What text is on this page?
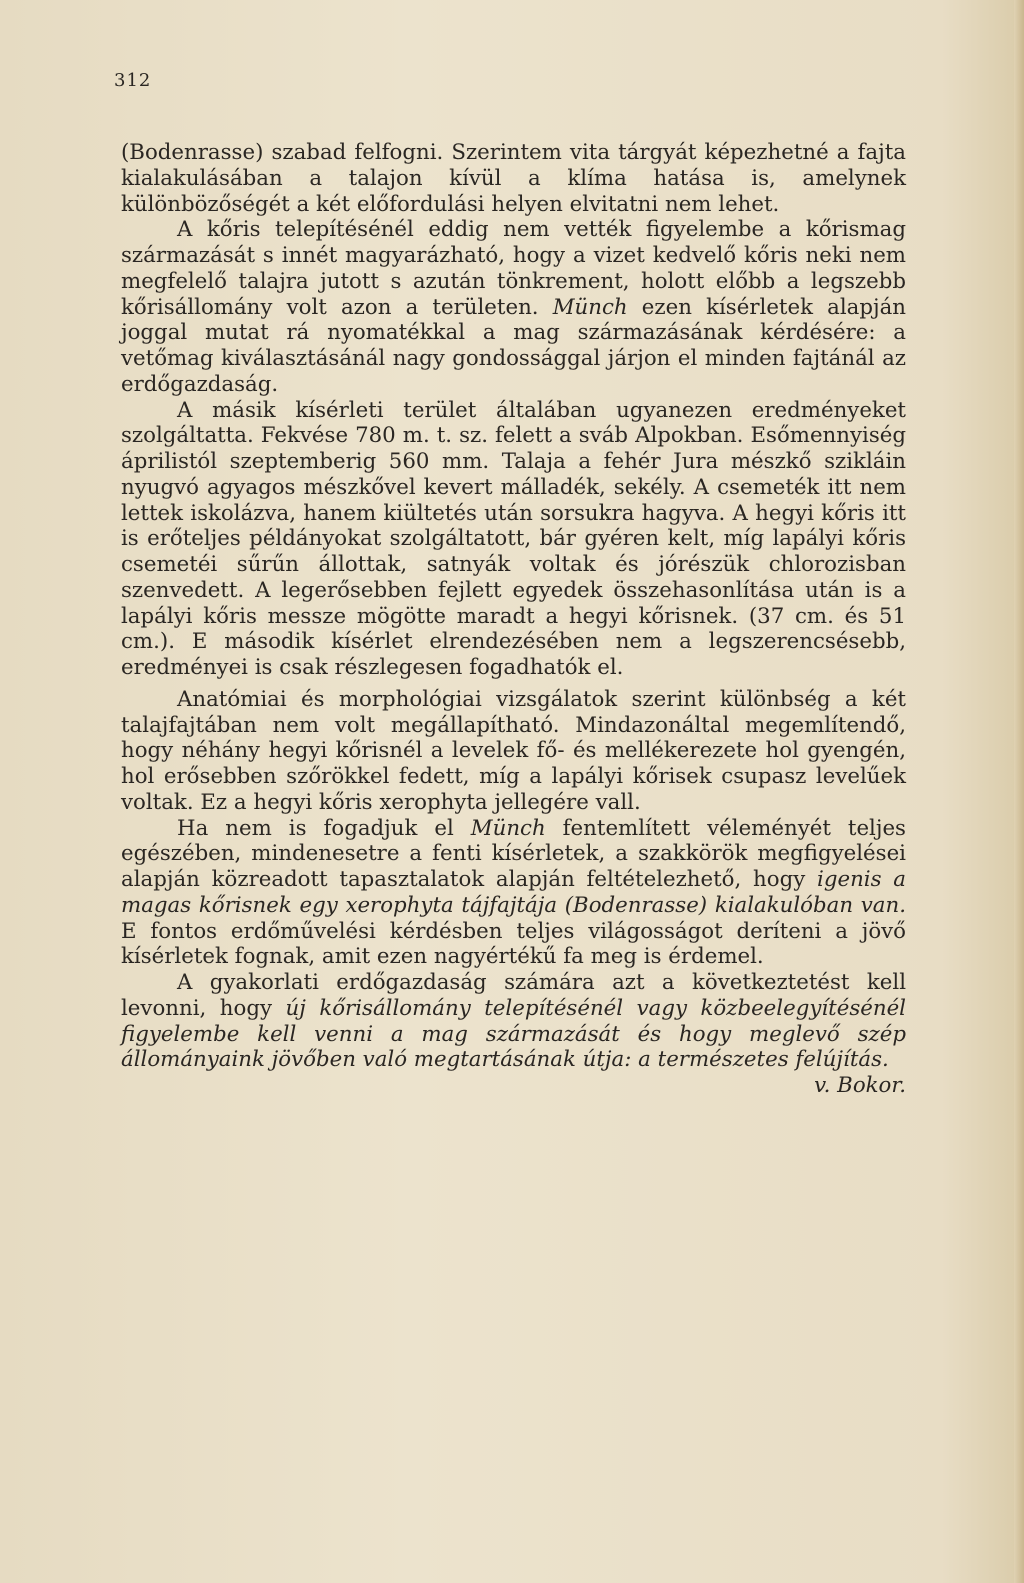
312

(Bodenrasse) szabad felfogni. Szerintem vita tárgyát képezhetné a fajta kialakulásában a talajon kívül a klíma hatása is, amelynek különbözőségét a két előfordulási helyen elvitatni nem lehet.

A kőris telepítésénél eddig nem vették figyelembe a kőrismag származását s innét magyarázható, hogy a vizet kedvelő kőris neki nem megfelelő talajra jutott s azután tönkrement, holott előbb a legszebb kőrisállomány volt azon a területen. Münch ezen kísérletek alapján joggal mutat rá nyomatékkal a mag származásának kérdésére: a vetőmag kiválasztásánál nagy gondossággal járjon el minden fajtánál az erdőgazdaság.

A másik kísérleti terület általában ugyanezen eredményeket szolgáltatta. Fekvése 780 m. t. sz. felett a sváb Alpokban. Esőmennyiség áprilistól szeptemberig 560 mm. Talaja a fehér Jura mészkő szikláin nyugvó agyagos mészkővel kevert málladék, sekély. A csemeték itt nem lettek iskolázva, hanem kiültetés után sorsukra hagyva. A hegyi kőris itt is erőteljes példányokat szolgáltatott, bár gyéren kelt, míg lapályi kőris csemetéi sűrűn állottak, satnyák voltak és jórészük chlorozisban szenvedett. A legerősebben fejlett egyedek összehasonlítása után is a lapályi kőris messze mögötte maradt a hegyi kőrisnek. (37 cm. és 51 cm.). E második kísérlet elrendezésében nem a legszerencsésebb, eredményei is csak részlegesen fogadhatók el.

Anatómiai és morphológiai vizsgálatok szerint különbség a két talajfajtában nem volt megállapítható. Mindazonáltal megemlítendő, hogy néhány hegyi kőrisnél a levelek fő- és mellékerezete hol gyengén, hol erősebben szőrökkel fedett, míg a lapályi kőrisek csupasz levelűek voltak. Ez a hegyi kőris xerophyta jellegére vall.

Ha nem is fogadjuk el Münch fentemlített véleményét teljes egészében, mindenesetre a fenti kísérletek, a szakkörök megfigyelései alapján közreadott tapasztalatok alapján feltételezhető, hogy igenis a magas kőrisnek egy xerophyta tájfajtája (Bodenrasse) kialakulóban van. E fontos erdőművelési kérdésben teljes világosságot deríteni a jövő kísérletek fognak, amit ezen nagyértékű fa meg is érdemel.

A gyakorlati erdőgazdaság számára azt a következtetést kell levonni, hogy új kőrisállomány telepítésénél vagy közbeelegyítésénél figyelembe kell venni a mag származását és hogy meglevő szép állományaink jövőben való megtartásának útja: a természetes felújítás.
v. Bokor.
